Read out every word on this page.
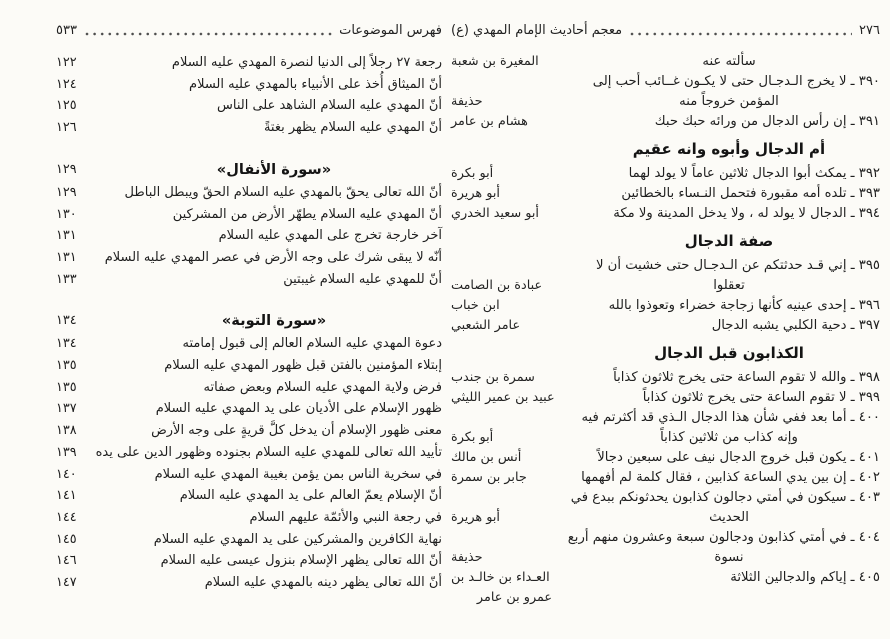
فهرس الموضوعات
٥٣٣
رجعة ٢٧ رجلاً إلى الدنيا لنصرة المهدي عليه السلام
١٢٢
أنّ الميثاق أُخذ على الأنبياء بالمهدي عليه السلام
١٢٤
أنّ المهدي عليه السلام الشاهد على الناس
١٢٥
أنّ المهدي عليه السلام يظهر بغتةً
١٢٦
«سورة الأنفال»
١٢٩
أنّ الله تعالى يحقّ بالمهدي عليه السلام الحقّ ويبطل الباطل
١٢٩
أنّ المهدي عليه السلام يطهّر الأرض من المشركين
١٣٠
آخر خارجة تخرج على المهدي عليه السلام
١٣١
أنّه لا يبقى شرك على وجه الأرض في عصر المهدي عليه السلام
١٣١
أنّ للمهدي عليه السلام غيبتين
١٣٣
«سورة التوبة»
١٣٤
دعوة المهدي عليه السلام العالم إلى قبول إمامته
١٣٤
إبتلاء المؤمنين بالفتن قبل ظهور المهدي عليه السلام
١٣٥
فرض ولاية المهدي عليه السلام وبعض صفاته
١٣٥
ظهور الإسلام على الأديان على يد المهدي عليه السلام
١٣٧
معنى ظهور الإسلام أن يدخل كلَّ قريةٍ على وجه الأرض
١٣٨
تأييد الله تعالى للمهدي عليه السلام بجنوده وظهور الدين على يده
١٣٩
في سخرية الناس بمن يؤمن بغيبة المهدي عليه السلام
١٤٠
أنّ الإسلام يعمّ العالم على يد المهدي عليه السلام
١٤١
في رجعة النبي والأئمّة عليهم السلام
١٤٤
نهاية الكافرين والمشركين على يد المهدي عليه السلام
١٤٥
أنّ الله تعالى يظهر الإسلام بنزول عيسى عليه السلام
١٤٦
أنّ الله تعالى يظهر دينه بالمهدي عليه السلام
١٤٧
٢٧٦
معجم أحاديث الإمام المهدي (ع)
سألته عنه
المغيرة بن شعبة
٣٩٠ ـ لا يخرج الـدجـال حتى لا يكـون غــائب أحب إلى
المؤمن خروجاً منه
حذيفة
٣٩١ ـ إن رأس الدجال من ورائه حبك حبك
هشام بن عامر
أم الدجال وأبوه وانه عقيم
٣٩٢ ـ يمكث أبوا الدجال ثلاثين عاماً لا يولد لهما
أبو بكرة
٣٩٣ ـ تلده أمه مقبورة فتحمل النـساء بالخطائين
أبو هريرة
٣٩٤ ـ الدجال لا يولد له ، ولا يدخل المدينة ولا مكة
أبو سعيد الخدري
صفة الدجال
٣٩٥ ـ إني قـد حدثتكم عن الـدجـال حتى خشيت أن لا
تعقلوا
عبادة بن الصامت
٣٩٦ ـ إحدى عينيه كأنها زجاجة خضراء وتعوذوا بالله
ابن خباب
٣٩٧ ـ دحية الكلبي يشبه الدجال
عامر الشعبي
الكذابون قبل الدجال
٣٩٨ ـ والله لا تقوم الساعة حتى يخرج ثلاثون كذاباً
سمرة بن جندب
٣٩٩ ـ لا تقوم الساعة حتى يخرج ثلاثون كذاباً
عبيد بن عمير الليثي
٤٠٠ ـ أما بعد ففي شأن هذا الدجال الـذي قد أكثرتم فيه
وإنه كذاب من ثلاثين كذاباً
أبو بكرة
٤٠١ ـ يكون قبل خروج الدجال نيف على سبعين دجالاً
أنس بن مالك
٤٠٢ ـ إن بين يدي الساعة كذابين ، فقال كلمة لم أفهمها
جابر بن سمرة
٤٠٣ ـ سيكون في أمتي دجالون كذابون يحدثونكم ببدع في
الحديث
أبو هريرة
٤٠٤ ـ في أمتي كذابون ودجالون سبعة وعشرون منهم أربع
نسوة
حذيفة
٤٠٥ ـ إياكم والدجالين الثلاثة
العـداء بن خالـد بن
عمرو بن عامر
